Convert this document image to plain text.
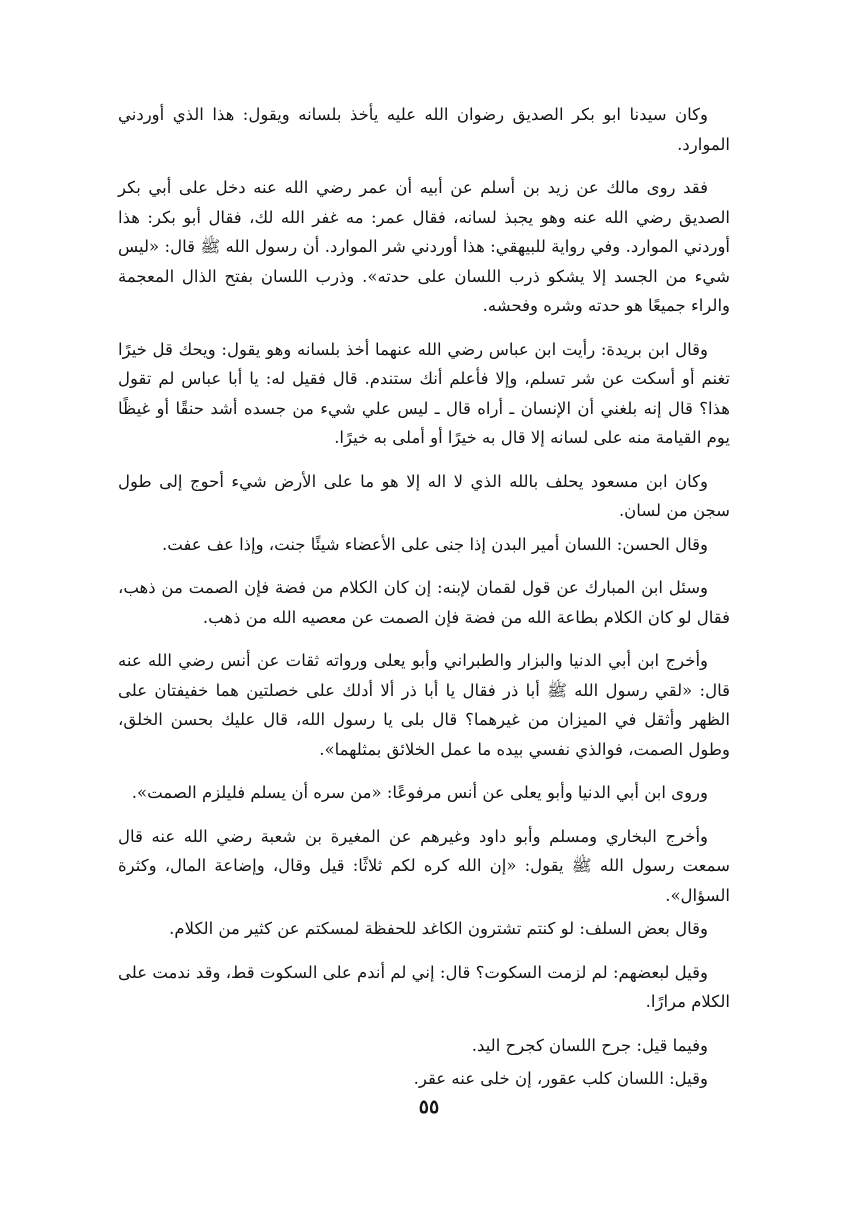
وكان سيدنا ابو بكر الصديق رضوان الله عليه يأخذ بلسانه ويقول: هذا الذي أوردني الموارد.

فقد روى مالك عن زيد بن أسلم عن أبيه أن عمر رضي الله عنه دخل على أبي بكر الصديق رضي الله عنه وهو يجبذ لسانه، فقال عمر: مه غفر الله لك، فقال أبو بكر: هذا أوردني الموارد. وفي رواية للبيهقي: هذا أوردني شر الموارد. أن رسول الله ﷺ قال: «ليس شيء من الجسد إلا يشكو ذرب اللسان على حدته». وذرب اللسان بفتح الذال المعجمة والراء جميعًا هو حدته وشره وفحشه.

وقال ابن بريدة: رأيت ابن عباس رضي الله عنهما أخذ بلسانه وهو يقول: ويحك قل خيرًا تغنم أو أسكت عن شر تسلم، وإلا فأعلم أنك ستندم. قال فقيل له: يا أبا عباس لم تقول هذا؟ قال إنه بلغني أن الإنسان ـ أراه قال ـ ليس علي شيء من جسده أشد حنقًا أو غيظًا يوم القيامة منه على لسانه إلا قال به خيرًا أو أملى به خيرًا.

وكان ابن مسعود يحلف بالله الذي لا اله إلا هو ما على الأرض شيء أحوج إلى طول سجن من لسان.

وقال الحسن: اللسان أمير البدن إذا جنى على الأعضاء شيئًا جنت، وإذا عف عفت.

وسئل ابن المبارك عن قول لقمان لإبنه: إن كان الكلام من فضة فإن الصمت من ذهب، فقال لو كان الكلام بطاعة الله من فضة فإن الصمت عن معصيه الله من ذهب.

وأخرج ابن أبي الدنيا والبزار والطبراني وأبو يعلى ورواته ثقات عن أنس رضي الله عنه قال: «لقي رسول الله ﷺ أبا ذر فقال يا أبا ذر ألا أدلك على خصلتين هما خفيفتان على الظهر وأثقل في الميزان من غيرهما؟ قال بلى يا رسول الله، قال عليك بحسن الخلق، وطول الصمت، فوالذي نفسي بيده ما عمل الخلائق بمثلهما».

وروى ابن أبي الدنيا وأبو يعلى عن أنس مرفوعًا: «من سره أن يسلم فليلزم الصمت».

وأخرج البخاري ومسلم وأبو داود وغيرهم عن المغيرة بن شعبة رضي الله عنه قال سمعت رسول الله ﷺ يقول: «إن الله كره لكم ثلاثًا: قيل وقال، وإضاعة المال، وكثرة السؤال».

وقال بعض السلف: لو كنتم تشترون الكاغد للحفظة لمسكتم عن كثير من الكلام.

وقيل لبعضهم: لم لزمت السكوت؟ قال: إني لم أندم على السكوت قط، وقد ندمت على الكلام مرارًا.

وفيما قيل: جرح اللسان كجرح اليد.

وقيل: اللسان كلب عقور، إن خلى عنه عقر.

٥٥
